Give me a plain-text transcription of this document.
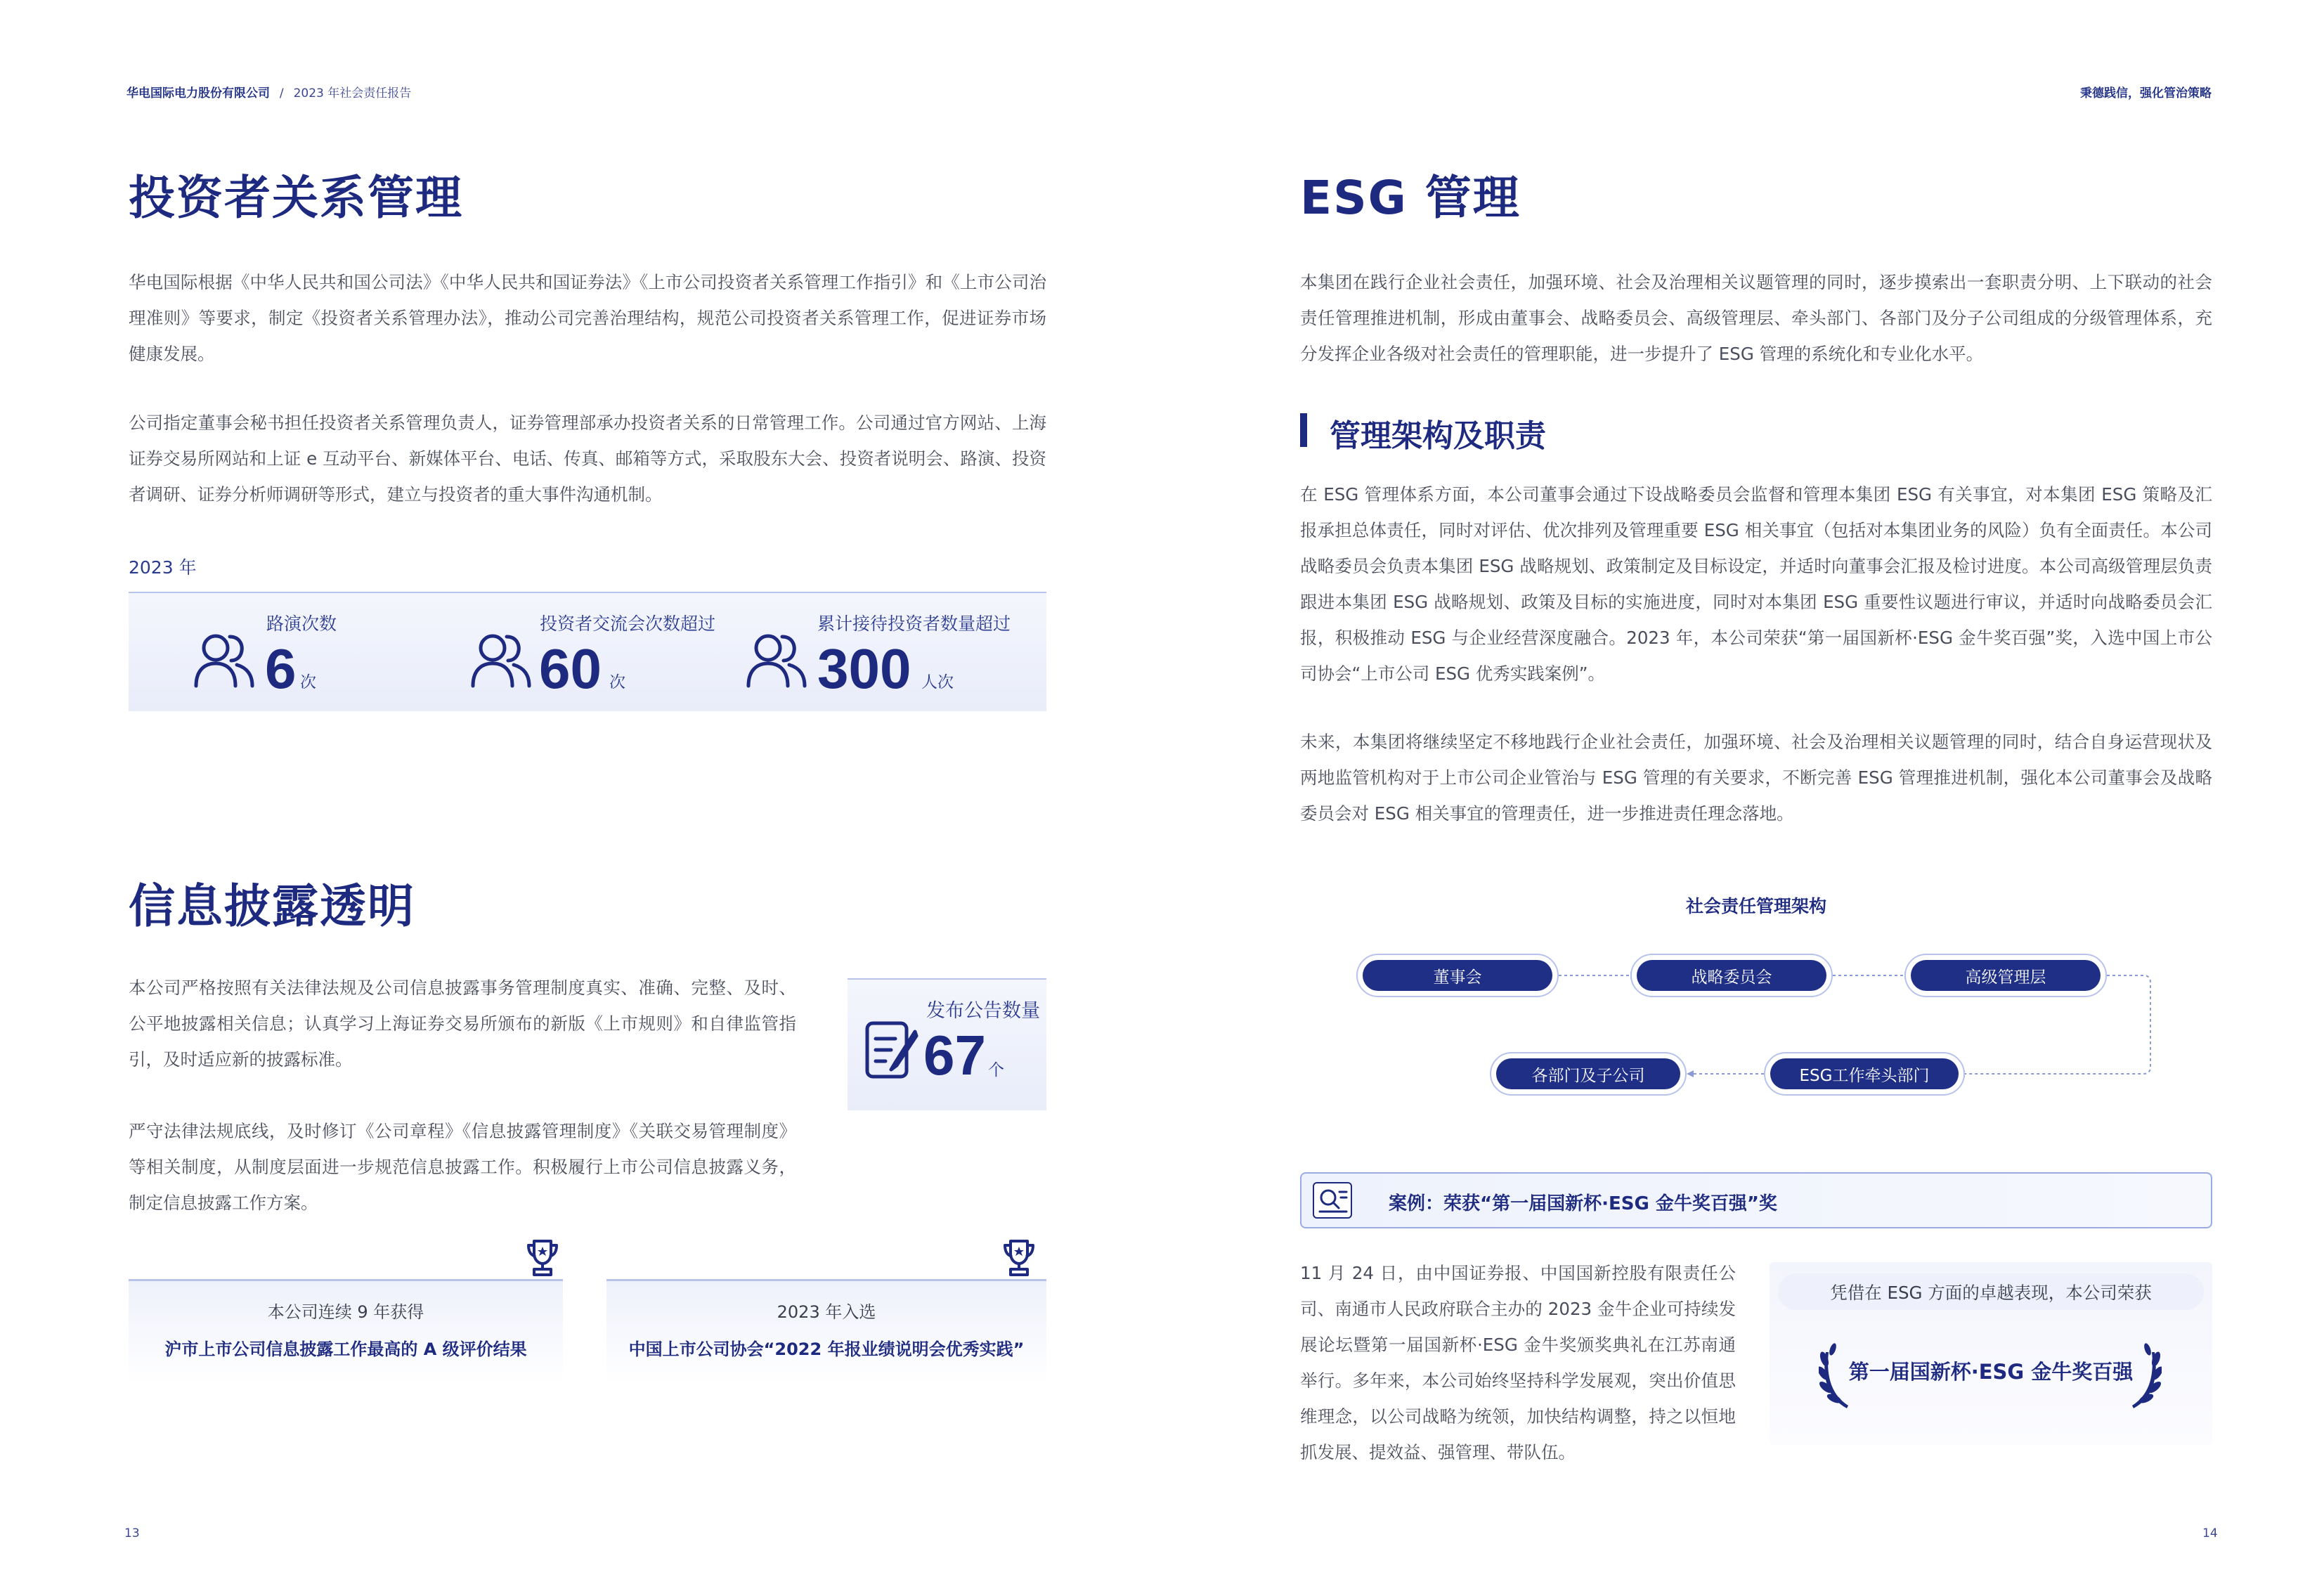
华电国际电力股份有限公司 / 2023 年社会责任报告	秉德践信，强化管治策略
投资者关系管理
华电国际根据《中华人民共和国公司法》《中华人民共和国证券法》《上市公司投资者关系管理工作指引》和《上市公司治理准则》等要求，制定《投资者关系管理办法》，推动公司完善治理结构，规范公司投资者关系管理工作，促进证券市场健康发展。
公司指定董事会秘书担任投资者关系管理负责人，证券管理部承办投资者关系的日常管理工作。公司通过官方网站、上海证券交易所网站和上证 e 互动平台、新媒体平台、电话、传真、邮箱等方式，采取股东大会、投资者说明会、路演、投资者调研、证券分析师调研等形式，建立与投资者的重大事件沟通机制。
2023 年
路演次数
6 次
投资者交流会次数超过
60 次
累计接待投资者数量超过
300 人次
信息披露透明
本公司严格按照有关法律法规及公司信息披露事务管理制度真实、准确、完整、及时、公平地披露相关信息；认真学习上海证券交易所颁布的新版《上市规则》和自律监管指引，及时适应新的披露标准。
严守法律法规底线，及时修订《公司章程》《信息披露管理制度》《关联交易管理制度》等相关制度，从制度层面进一步规范信息披露工作。积极履行上市公司信息披露义务，制定信息披露工作方案。
发布公告数量
67 个
本公司连续 9 年获得
沪市上市公司信息披露工作最高的 A 级评价结果
2023 年入选
中国上市公司协会“2022 年报业绩说明会优秀实践”
13
ESG 管理
本集团在践行企业社会责任，加强环境、社会及治理相关议题管理的同时，逐步摸索出一套职责分明、上下联动的社会责任管理推进机制，形成由董事会、战略委员会、高级管理层、牵头部门、各部门及分子公司组成的分级管理体系，充分发挥企业各级对社会责任的管理职能，进一步提升了 ESG 管理的系统化和专业化水平。
管理架构及职责
在 ESG 管理体系方面，本公司董事会通过下设战略委员会监督和管理本集团 ESG 有关事宜，对本集团 ESG 策略及汇报承担总体责任，同时对评估、优次排列及管理重要 ESG 相关事宜（包括对本集团业务的风险）负有全面责任。本公司战略委员会负责本集团 ESG 战略规划、政策制定及目标设定，并适时向董事会汇报及检讨进度。本公司高级管理层负责跟进本集团 ESG 战略规划、政策及目标的实施进度，同时对本集团 ESG 重要性议题进行审议，并适时向战略委员会汇报，积极推动 ESG 与企业经营深度融合。2023 年，本公司荣获“第一届国新杯·ESG 金牛奖百强”奖，入选中国上市公司协会“上市公司 ESG 优秀实践案例”。
未来，本集团将继续坚定不移地践行企业社会责任，加强环境、社会及治理相关议题管理的同时，结合自身运营现状及两地监管机构对于上市公司企业管治与 ESG 管理的有关要求，不断完善 ESG 管理推进机制，强化本公司董事会及战略委员会对 ESG 相关事宜的管理责任，进一步推进责任理念落地。
社会责任管理架构
董事会	战略委员会	高级管理层
ESG工作牵头部门
各部门及子公司
案例：荣获“第一届国新杯·ESG 金牛奖百强”奖
11 月 24 日，由中国证券报、中国国新控股有限责任公司、南通市人民政府联合主办的 2023 金牛企业可持续发展论坛暨第一届国新杯·ESG 金牛奖颁奖典礼在江苏南通举行。多年来，本公司始终坚持科学发展观，突出价值思维理念，以公司战略为统领，加快结构调整，持之以恒地抓发展、提效益、强管理、带队伍。
凭借在 ESG 方面的卓越表现，本公司荣获
第一届国新杯·ESG 金牛奖百强
14
